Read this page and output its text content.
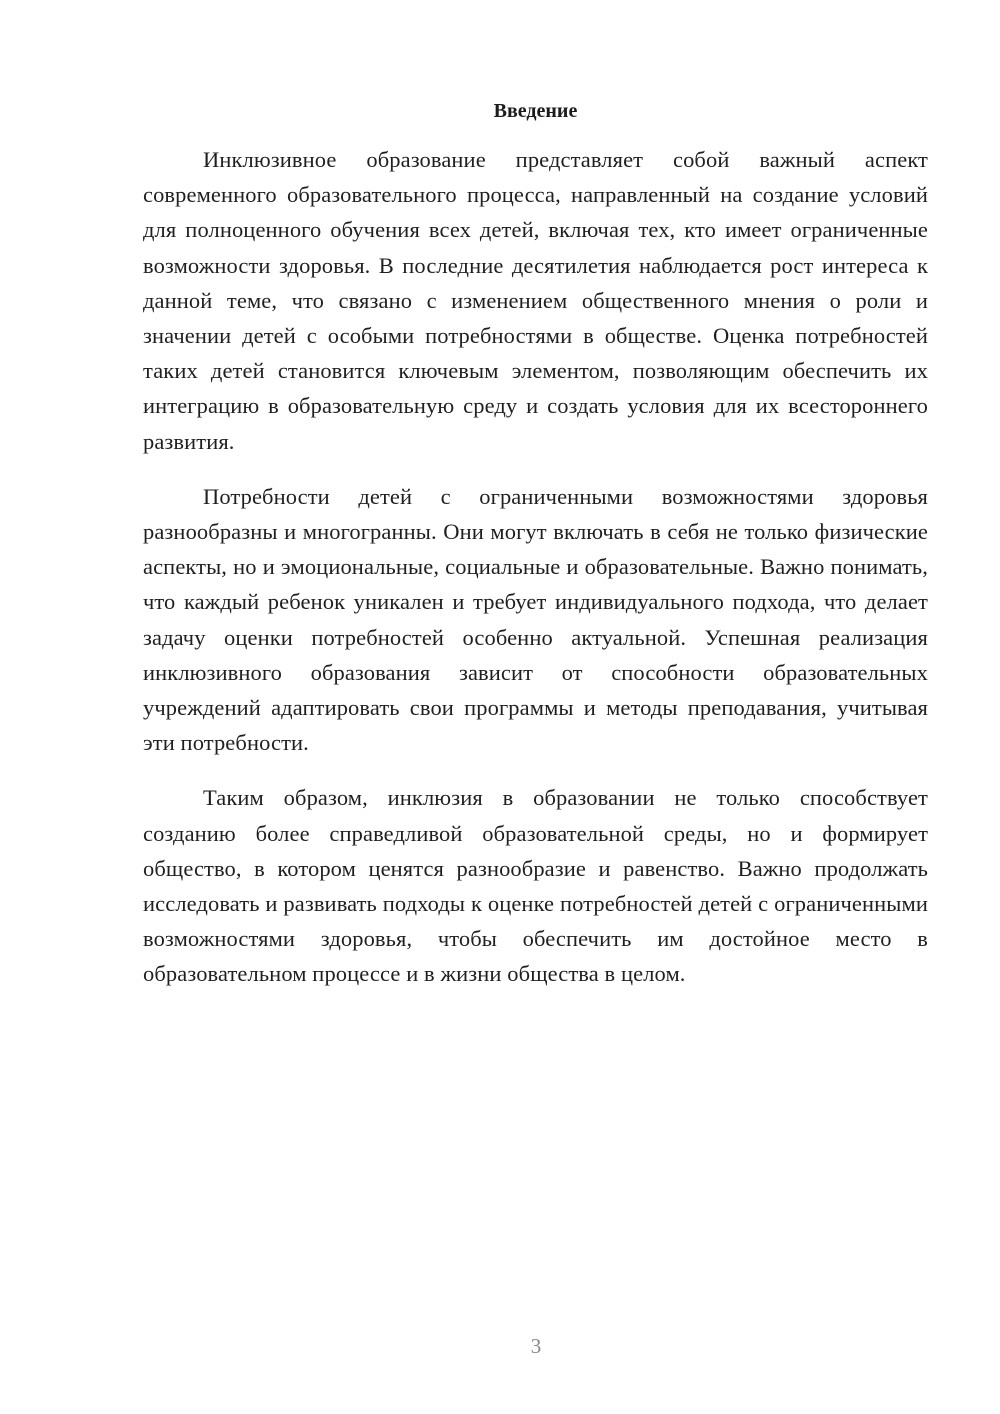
Введение

Инклюзивное образование представляет собой важный аспект современного образовательного процесса, направленный на создание условий для полноценного обучения всех детей, включая тех, кто имеет ограниченные возможности здоровья. В последние десятилетия наблюдается рост интереса к данной теме, что связано с изменением общественного мнения о роли и значении детей с особыми потребностями в обществе. Оценка потребностей таких детей становится ключевым элементом, позволяющим обеспечить их интеграцию в образовательную среду и создать условия для их всестороннего развития.

Потребности детей с ограниченными возможностями здоровья разнообразны и многогранны. Они могут включать в себя не только физические аспекты, но и эмоциональные, социальные и образовательные. Важно понимать, что каждый ребенок уникален и требует индивидуального подхода, что делает задачу оценки потребностей особенно актуальной. Успешная реализация инклюзивного образования зависит от способности образовательных учреждений адаптировать свои программы и методы преподавания, учитывая эти потребности.

Таким образом, инклюзия в образовании не только способствует созданию более справедливой образовательной среды, но и формирует общество, в котором ценятся разнообразие и равенство. Важно продолжать исследовать и развивать подходы к оценке потребностей детей с ограниченными возможностями здоровья, чтобы обеспечить им достойное место в образовательном процессе и в жизни общества в целом.

3
